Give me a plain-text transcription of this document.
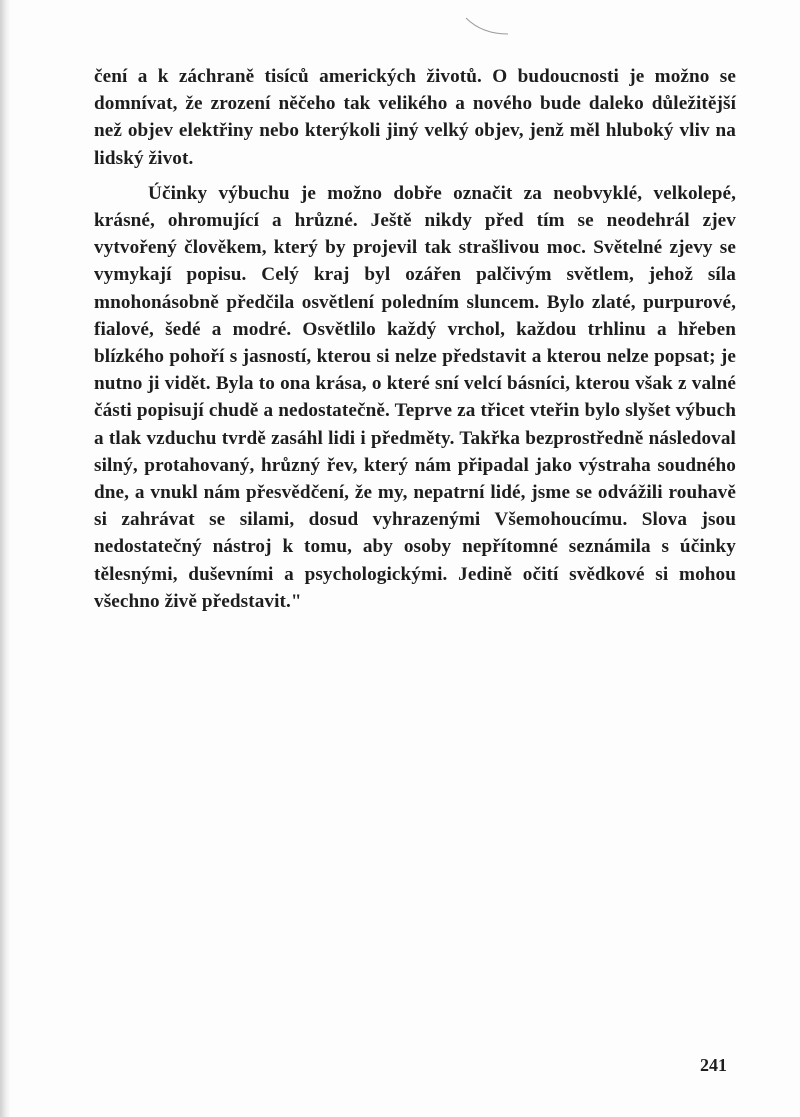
čení a k záchraně tisíců amerických životů. O budoucnosti je možno se domnívat, že zrození něčeho tak velikého a nového bude daleko důležitější než objev elektřiny nebo kterýkoli jiný velký objev, jenž měl hluboký vliv na lidský život.

Účinky výbuchu je možno dobře označit za neobvyklé, velkolepé, krásné, ohromující a hrůzné. Ještě nikdy před tím se neodehrál zjev vytvořený člověkem, který by projevil tak strašlivou moc. Světelné zjevy se vymykají popisu. Celý kraj byl ozářen palčivým světlem, jehož síla mnohonásobně předčila osvětlení poledním sluncem. Bylo zlaté, purpurové, fialové, šedé a modré. Osvětlilo každý vrchol, každou trhlinu a hřeben blízkého pohoří s jasností, kterou si nelze představit a kterou nelze popsat; je nutno ji vidět. Byla to ona krása, o které sní velcí básníci, kterou však z valné části popisují chudě a nedostatečně. Teprve za třicet vteřin bylo slyšet výbuch a tlak vzduchu tvrdě zasáhl lidi i předměty. Takřka bezprostředně následoval silný, protahovaný, hrůzný řev, který nám připadal jako výstraha soudného dne, a vnukl nám přesvědčení, že my, nepatrní lidé, jsme se odvážili rouhavě si zahrávat se silami, dosud vyhrazenými Všemohoucímu. Slova jsou nedostatečný nástroj k tomu, aby osoby nepřítomné seznámila s účinky tělesnými, duševními a psychologickými. Jedině očití svědkové si mohou všechno živě představit."

241
